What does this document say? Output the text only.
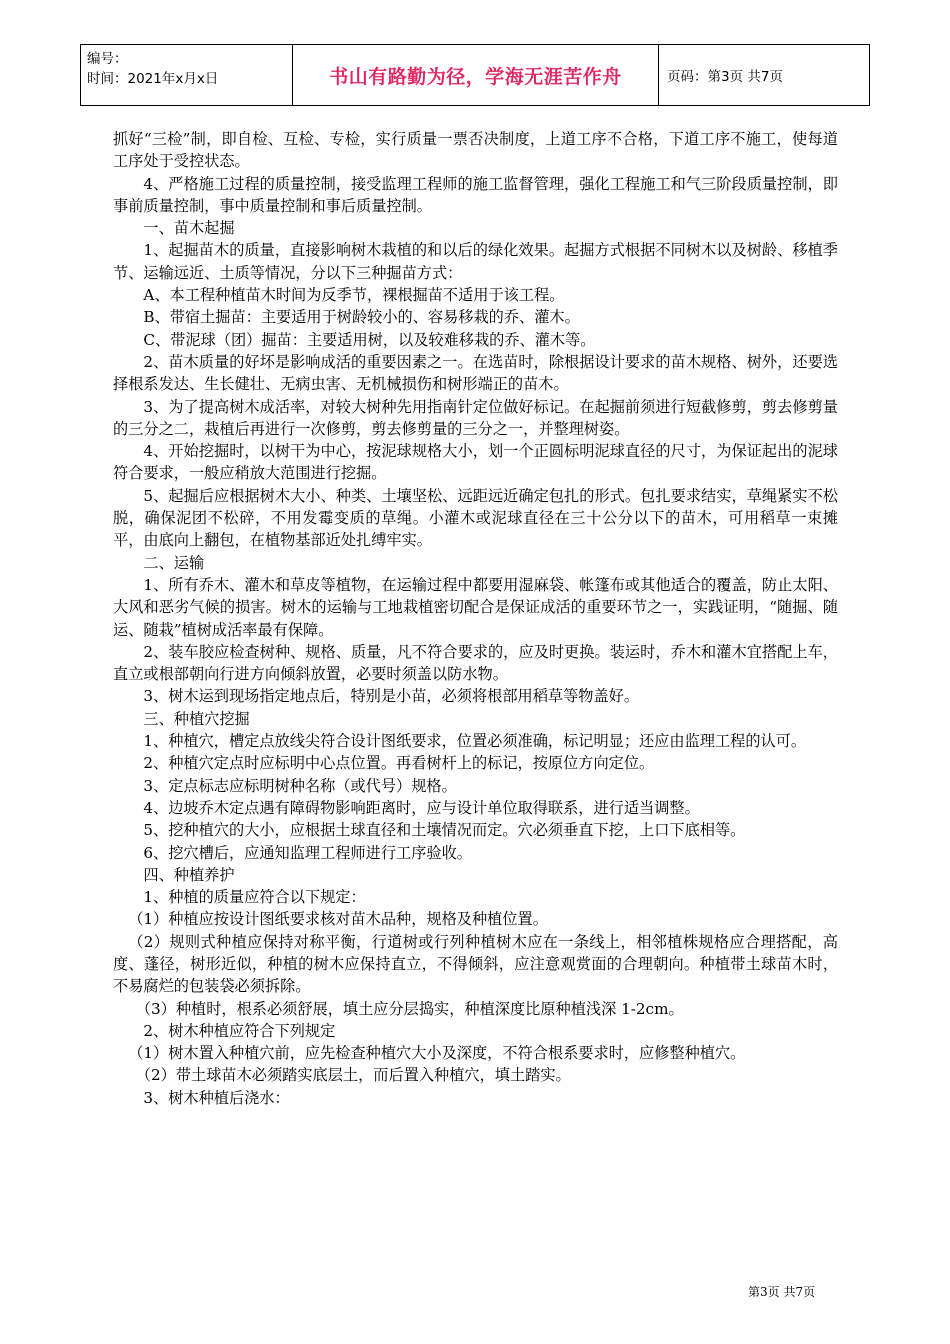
编号：
时间：2021年x月x日	书山有路勤为径，学海无涯苦作舟	页码：第3页 共7页

抓好“三检”制，即自检、互检、专检，实行质量一票否决制度，上道工序不合格，下道工序不施工，使每道工序处于受控状态。

4、严格施工过程的质量控制，接受监理工程师的施工监督管理，强化工程施工和气三阶段质量控制，即事前质量控制，事中质量控制和事后质量控制。

一、苗木起掘

1、起掘苗木的质量，直接影响树木栽植的和以后的绿化效果。起掘方式根据不同树木以及树龄、移植季节、运输远近、土质等情况，分以下三种掘苗方式：

A、本工程种植苗木时间为反季节，裸根掘苗不适用于该工程。

B、带宿土掘苗：主要适用于树龄较小的、容易移栽的乔、灌木。

C、带泥球（团）掘苗：主要适用树，以及较难移栽的乔、灌木等。

2、苗木质量的好坏是影响成活的重要因素之一。在选苗时，除根据设计要求的苗木规格、树外，还要选择根系发达、生长健壮、无病虫害、无机械损伤和树形端正的苗木。

3、为了提高树木成活率，对较大树种先用指南针定位做好标记。在起掘前须进行短截修剪，剪去修剪量的三分之二，栽植后再进行一次修剪，剪去修剪量的三分之一，并整理树姿。

4、开始挖掘时，以树干为中心，按泥球规格大小，划一个正圆标明泥球直径的尺寸，为保证起出的泥球符合要求，一般应稍放大范围进行挖掘。

5、起掘后应根据树木大小、种类、土壤坚松、远距远近确定包扎的形式。包扎要求结实，草绳紧实不松脱，确保泥团不松碎，不用发霉变质的草绳。小灌木或泥球直径在三十公分以下的苗木，可用稻草一束摊平，由底向上翻包，在植物基部近处扎缚牢实。

二、运输

1、所有乔木、灌木和草皮等植物，在运输过程中都要用湿麻袋、帐篷布或其他适合的覆盖，防止太阳、大风和恶劣气候的损害。树木的运输与工地栽植密切配合是保证成活的重要环节之一，实践证明，“随掘、随运、随栽”植树成活率最有保障。

2、装车胶应检查树种、规格、质量，凡不符合要求的，应及时更换。装运时，乔木和灌木宜搭配上车，直立或根部朝向行进方向倾斜放置，必要时须盖以防水物。

3、树木运到现场指定地点后，特别是小苗，必须将根部用稻草等物盖好。

三、种植穴挖掘

1、种植穴，槽定点放线尖符合设计图纸要求，位置必须准确，标记明显；还应由监理工程的认可。

2、种植穴定点时应标明中心点位置。再看树杆上的标记，按原位方向定位。

3、定点标志应标明树种名称（或代号）规格。

4、边坡乔木定点遇有障碍物影响距离时，应与设计单位取得联系，进行适当调整。

5、挖种植穴的大小，应根据土球直径和土壤情况而定。穴必须垂直下挖，上口下底相等。

6、挖穴槽后，应通知监理工程师进行工序验收。

四、种植养护

1、种植的质量应符合以下规定：

（1）种植应按设计图纸要求核对苗木品种，规格及种植位置。

（2）规则式种植应保持对称平衡，行道树或行列种植树木应在一条线上，相邻植株规格应合理搭配，高度、蓬径，树形近似，种植的树木应保持直立，不得倾斜，应注意观赏面的合理朝向。种植带土球苗木时，不易腐烂的包装袋必须拆除。

（3）种植时，根系必须舒展，填土应分层捣实，种植深度比原种植浅深 1-2cm。

2、树木种植应符合下列规定

（1）树木置入种植穴前，应先检查种植穴大小及深度，不符合根系要求时，应修整种植穴。

（2）带土球苗木必须踏实底层土，而后置入种植穴，填土踏实。

3、树木种植后浇水：

第3页 共7页
